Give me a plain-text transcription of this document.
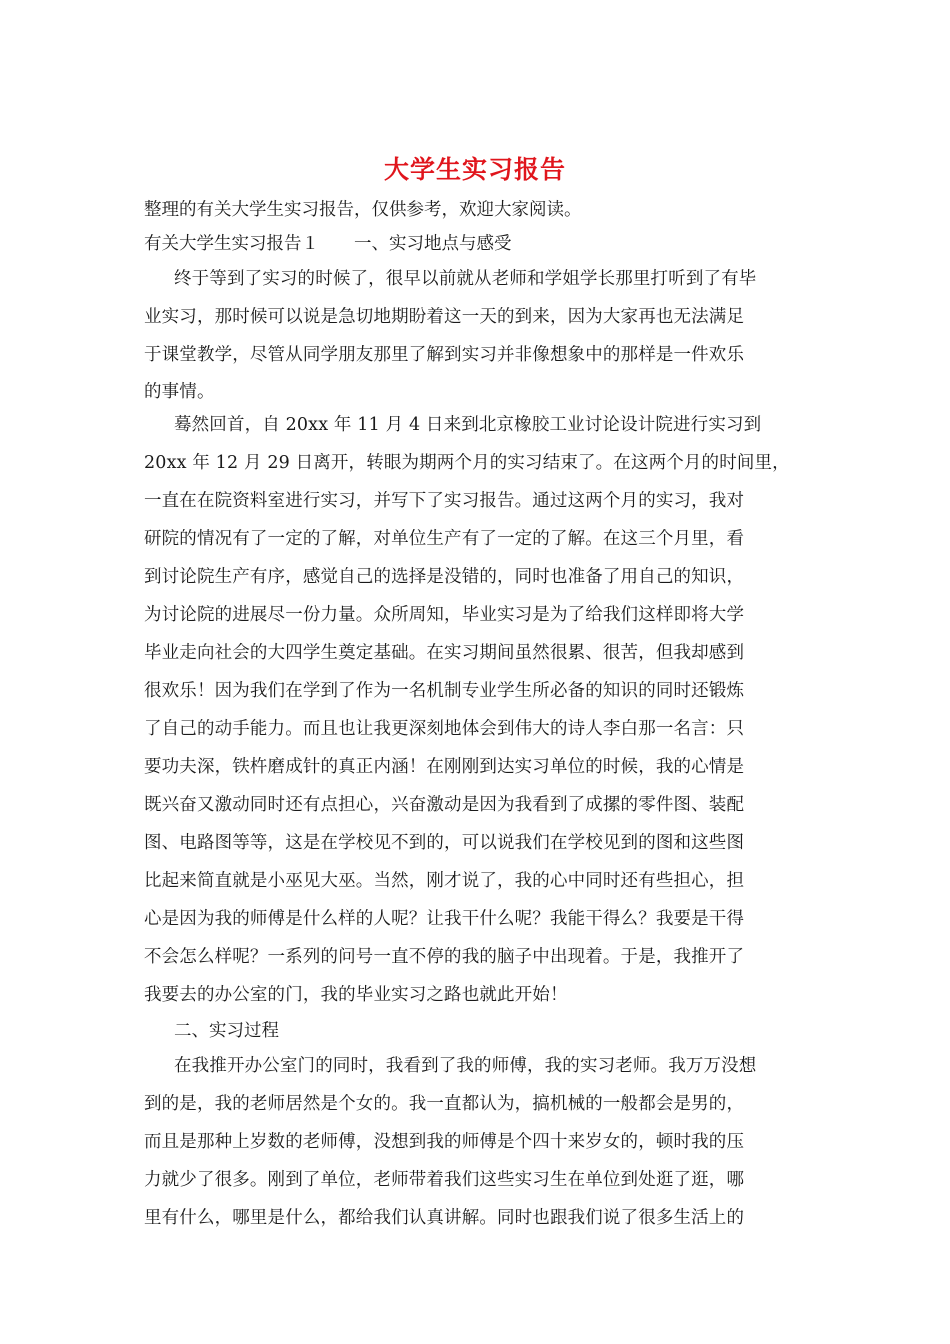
大学生实习报告
整理的有关大学生实习报告，仅供参考，欢迎大家阅读。
有关大学生实习报告１　　一、实习地点与感受
终于等到了实习的时候了，很早以前就从老师和学姐学长那里打听到了有毕
业实习，那时候可以说是急切地期盼着这一天的到来，因为大家再也无法满足
于课堂教学，尽管从同学朋友那里了解到实习并非像想象中的那样是一件欢乐
的事情。
蓦然回首，自 20xx 年 11 月 4 日来到北京橡胶工业讨论设计院进行实习到
20xx 年 12 月 29 日离开，转眼为期两个月的实习结束了。在这两个月的时间里，
一直在在院资料室进行实习，并写下了实习报告。通过这两个月的实习，我对
研院的情况有了一定的了解，对单位生产有了一定的了解。在这三个月里，看
到讨论院生产有序，感觉自己的选择是没错的，同时也准备了用自己的知识，
为讨论院的进展尽一份力量。众所周知，毕业实习是为了给我们这样即将大学
毕业走向社会的大四学生奠定基础。在实习期间虽然很累、很苦，但我却感到
很欢乐！因为我们在学到了作为一名机制专业学生所必备的知识的同时还锻炼
了自己的动手能力。而且也让我更深刻地体会到伟大的诗人李白那一名言：只
要功夫深，铁杵磨成针的真正内涵！在刚刚到达实习单位的时候，我的心情是
既兴奋又激动同时还有点担心，兴奋激动是因为我看到了成摞的零件图、装配
图、电路图等等，这是在学校见不到的，可以说我们在学校见到的图和这些图
比起来简直就是小巫见大巫。当然，刚才说了，我的心中同时还有些担心，担
心是因为我的师傅是什么样的人呢？让我干什么呢？我能干得么？我要是干得
不会怎么样呢？一系列的问号一直不停的我的脑子中出现着。于是，我推开了
我要去的办公室的门，我的毕业实习之路也就此开始！
二、实习过程
在我推开办公室门的同时，我看到了我的师傅，我的实习老师。我万万没想
到的是，我的老师居然是个女的。我一直都认为，搞机械的一般都会是男的，
而且是那种上岁数的老师傅，没想到我的师傅是个四十来岁女的，顿时我的压
力就少了很多。刚到了单位，老师带着我们这些实习生在单位到处逛了逛，哪
里有什么，哪里是什么，都给我们认真讲解。同时也跟我们说了很多生活上的
